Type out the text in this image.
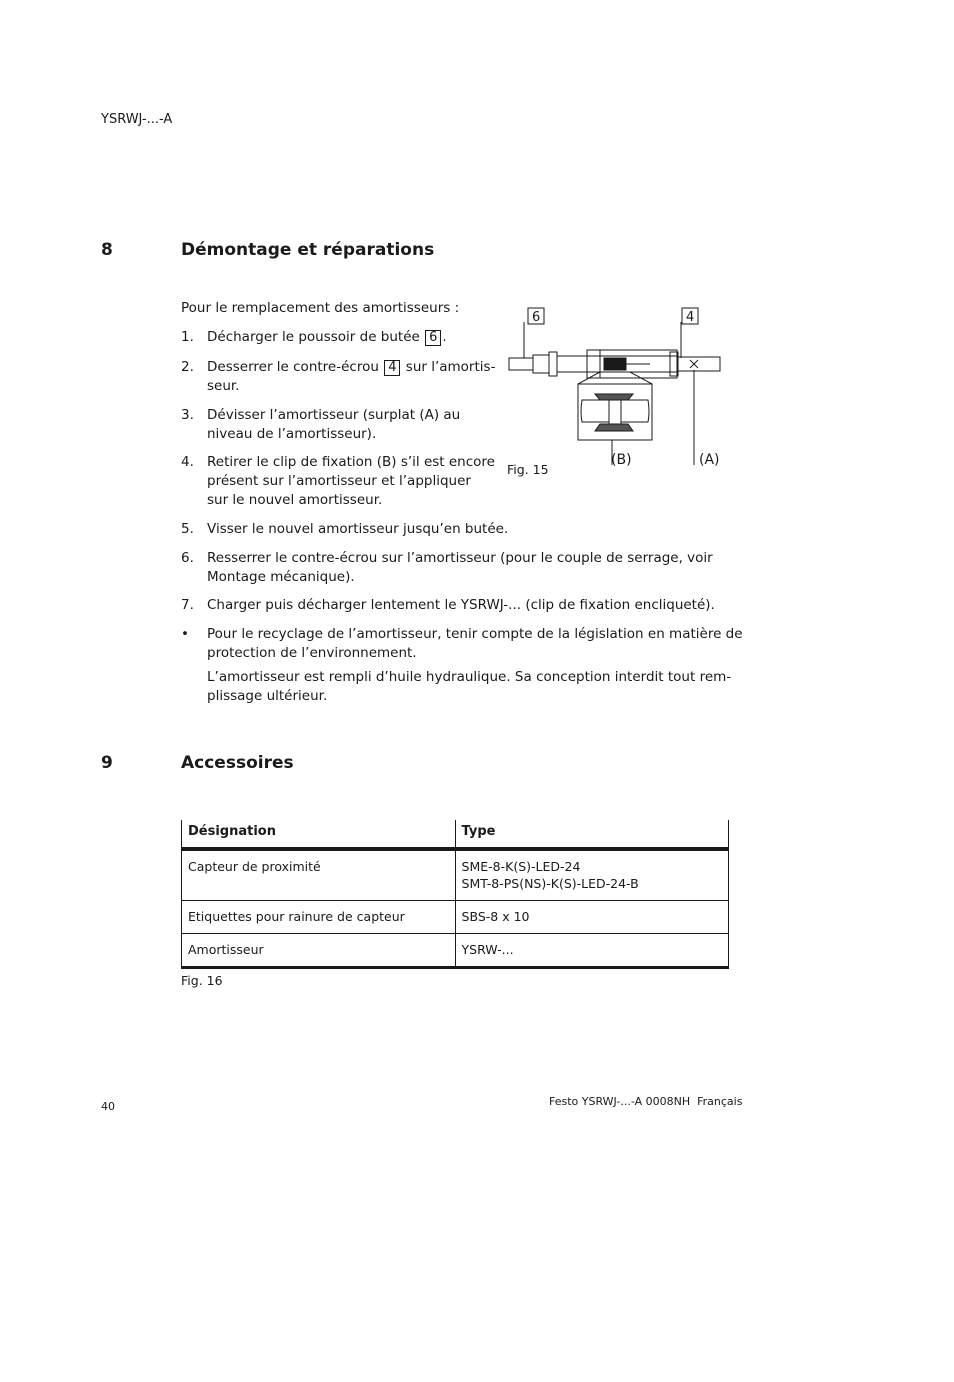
YSRWJ-...-A
8	Démontage et réparations
Pour le remplacement des amortisseurs :
1. Décharger le poussoir de butée 6 .
2. Desserrer le contre-écrou 4 sur l’amortis-
seur.
3. Dévisser l’amortisseur (surplat (A) au
niveau de l’amortisseur).
4. Retirer le clip de fixation (B) s’il est encore
présent sur l’amortisseur et l’appliquer
sur le nouvel amortisseur.
5. Visser le nouvel amortisseur jusqu’en butée.
6. Resserrer le contre-écrou sur l’amortisseur (pour le couple de serrage, voir
Montage mécanique).
7. Charger puis décharger lentement le YSRWJ-... (clip de fixation encliqueté).
• Pour le recyclage de l’amortisseur, tenir compte de la législation en matière de
protection de l’environnement.
L’amortisseur est rempli d’huile hydraulique. Sa conception interdit tout rem-
plissage ultérieur.
6	4
(B)	(A)
Fig. 15
9	Accessoires
Désignation	Type
Capteur de proximité	SME-8-K(S)-LED-24
SMT-8-PS(NS)-K(S)-LED-24-B

Etiquettes pour rainure de capteur	SBS-8 x 10
Amortisseur	YSRW-...
Fig. 16
40	Festo YSRWJ-...-A 0008NH  Français
